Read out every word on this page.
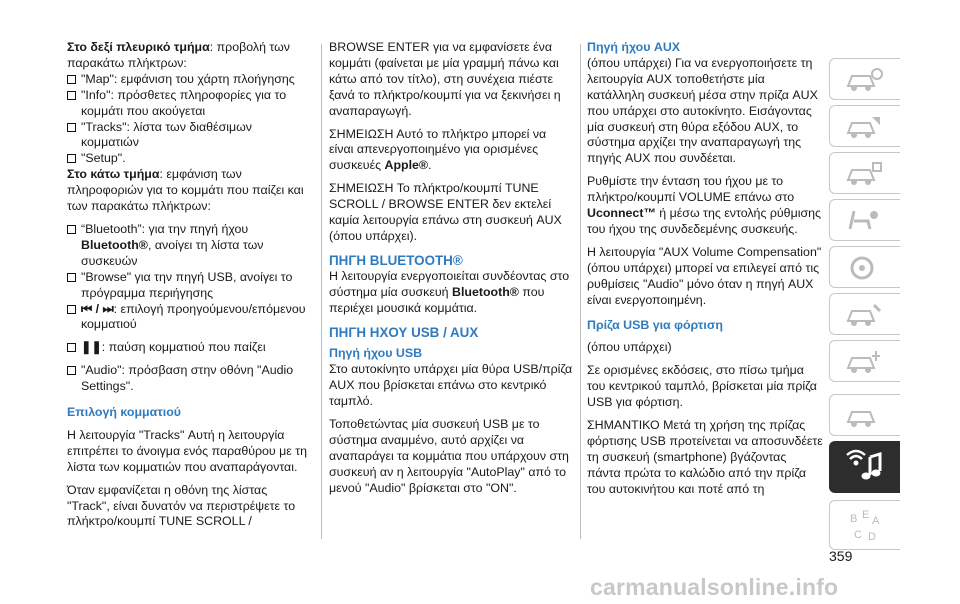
Στο δεξί πλευρικό τμήμα: προβολή των παρακάτω πλήκτρων:

"Map": εμφάνιση του χάρτη πλοήγησης

"Info": πρόσθετες πληροφορίες για το κομμάτι που ακούγεται

"Tracks": λίστα των διαθέσιμων κομματιών

"Setup".

Στο κάτω τμήμα: εμφάνιση των πληροφοριών για το κομμάτι που παίζει και των παρακάτω πλήκτρων:

“Bluetooth”: για την πηγή ήχου Bluetooth®, ανοίγει τη λίστα των συσκευών

"Browse" για την πηγή USB, ανοίγει το πρόγραμμα περιήγησης

⏮ / ⏭: επιλογή προηγούμενου/επόμενου κομματιού

❚❚: παύση κομματιού που παίζει

"Audio": πρόσβαση στην οθόνη "Audio Settings".

Επιλογή κομματιού

Η λειτουργία "Tracks" Αυτή η λειτουργία επιτρέπει το άνοιγμα ενός παραθύρου με τη λίστα των κομματιών που αναπαράγονται.

Όταν εμφανίζεται η οθόνη της λίστας "Track", είναι δυνατόν να περιστρέψετε το πλήκτρο/κουμπί TUNE SCROLL /

BROWSE ENTER για να εμφανίσετε ένα κομμάτι (φαίνεται με μία γραμμή πάνω και κάτω από τον τίτλο), στη συνέχεια πιέστε ξανά το πλήκτρο/κουμπί για να ξεκινήσει η αναπαραγωγή.

ΣΗΜΕΙΩΣΗ Αυτό το πλήκτρο μπορεί να είναι απενεργοποιημένο για ορισμένες συσκευές Apple®.

ΣΗΜΕΙΩΣΗ Το πλήκτρο/κουμπί TUNE SCROLL / BROWSE ENTER δεν εκτελεί καμία λειτουργία επάνω στη συσκευή AUX (όπου υπάρχει).

ΠΗΓΗ BLUETOOTH®

Η λειτουργία ενεργοποιείται συνδέοντας στο σύστημα μία συσκευή Bluetooth® που περιέχει μουσικά κομμάτια.

ΠΗΓΗ ΗΧΟΥ USB / AUX

Πηγή ήχου USB

Στο αυτοκίνητο υπάρχει μία θύρα USB/πρίζα AUX που βρίσκεται επάνω στο κεντρικό ταμπλό.

Τοποθετώντας μία συσκευή USB με το σύστημα αναμμένο, αυτό αρχίζει να αναπαράγει τα κομμάτια που υπάρχουν στη συσκευή αν η λειτουργία "AutoPlay" από το μενού "Audio" βρίσκεται στο "ON".

Πηγή ήχου AUX

(όπου υπάρχει) Για να ενεργοποιήσετε τη λειτουργία AUX τοποθετήστε μία κατάλληλη συσκευή μέσα στην πρίζα AUX που υπάρχει στο αυτοκίνητο. Εισάγοντας μία συσκευή στη θύρα εξόδου AUX, το σύστημα αρχίζει την αναπαραγωγή της πηγής AUX που συνδέεται.

Ρυθμίστε την ένταση του ήχου με το πλήκτρο/κουμπί VOLUME επάνω στο Uconnect™ ή μέσω της εντολής ρύθμισης του ήχου της συνδεδεμένης συσκευής.

Η λειτουργία "AUX Volume Compensation" (όπου υπάρχει) μπορεί να επιλεγεί από τις ρυθμίσεις "Audio" μόνο όταν η πηγή AUX είναι ενεργοποιημένη.

Πρίζα USB για φόρτιση

(όπου υπάρχει)

Σε ορισμένες εκδόσεις, στο πίσω τμήμα του κεντρικού ταμπλό, βρίσκεται μία πρίζα USB για φόρτιση.

ΣΗΜΑΝΤΙΚΟ Μετά τη χρήση της πρίζας φόρτισης USB προτείνεται να αποσυνδέετε τη συσκευή (smartphone) βγάζοντας πάντα πρώτα το καλώδιο από την πρίζα του αυτοκινήτου και ποτέ από τη

B E A
C D
359
carmanualsonline.info
